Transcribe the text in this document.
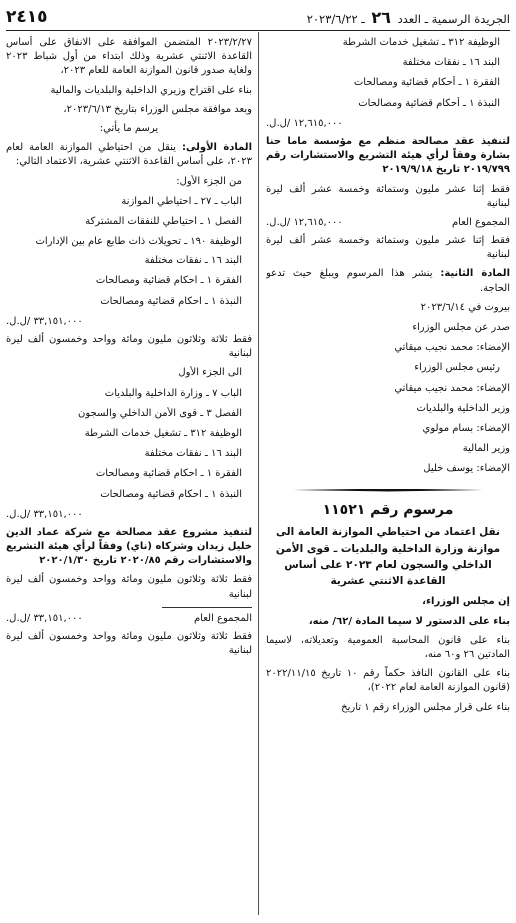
الجريدة الرسمية ـ العدد ٢٦ ـ ٢٠٢٣/٦/٢٢
٢٤١٥
الوظيفة ٣١٢ ـ تشغيل خدمات الشرطة
البند ١٦ ـ نفقات مختلفة
الفقرة ١ ـ أحكام قضائية ومصالحات
النبذة ١ ـ أحكام قضائية ومصالحات
١٢,٦١٥,٠٠٠ /ل.ل.
لتنفيذ عقد مصالحة منظم مع مؤسسة ماما حنا بشارة وفقاً لرأي هيئة التشريع والاستشارات رقم ٢٠١٩/٧٩٩ تاريخ ٢٠١٩/٩/١٨
فقط إثنا عشر مليون وستمائة وخمسة عشر ألف ليرة لبنانية
المجموع العام
١٢,٦١٥,٠٠٠ /ل.ل.
فقط إثنا عشر مليون وستمائة وخمسة عشر ألف ليرة لبنانية
المادة الثانية: ينشر هذا المرسوم ويبلغ حيث تدعو الحاجة.
بيروت في ٢٠٢٣/٦/١٤
صدر عن مجلس الوزراء
الإمضاء: محمد نجيب ميقاتي
رئيس مجلس الوزراء
الإمضاء: محمد نجيب ميقاتي
وزير الداخلية والبلديات
الإمضاء: بسام مولوي
وزير المالية
الإمضاء: يوسف خليل
مرسوم رقم ١١٥٢١
نقل اعتماد من احتياطي الموازنة العامة الى موازنة وزارة الداخلية والبلديات ـ قوى الأمن الداخلي والسجون لعام ٢٠٢٣ على أساس القاعدة الاثنتي عشرية
إن مجلس الوزراء،
بناء على الدستور لا سيما المادة /٦٢/ منه،
بناء على قانون المحاسبة العمومية وتعديلاته، لاسيما المادتين ٢٦ و٦٠ منه،
بناء على القانون النافذ حكماً رقم ١٠ تاريخ ٢٠٢٢/١١/١٥ (قانون الموازنة العامة لعام ٢٠٢٢)،
بناء على قرار مجلس الوزراء رقم ١ تاريخ
٢٠٢٣/٢/٢٧ المتضمن الموافقة على الانفاق على أساس القاعدة الاثنتي عشرية وذلك ابتداء من أول شباط ٢٠٢٣ ولغاية صدور قانون الموازنة العامة للعام ٢٠٢٣،
بناء على اقتراح وزيري الداخلية والبلديات والمالية
وبعد موافقة مجلس الوزراء بتاريخ ٢٠٢٣/٦/١٣،
يرسم ما يأتي:
المادة الأولى: ينقل من احتياطي الموازنة العامة لعام ٢٠٢٣، على أساس القاعدة الاثنتي عشرية، الاعتماد التالي:
من الجزء الأول:
الباب ـ ٢٧ ـ احتياطي الموازنة
الفصل ١ ـ احتياطي للنفقات المشتركة
الوظيفة ١٩٠ ـ تحويلات ذات طابع عام بين الإدارات
البند ١٦ ـ نفقات مختلفة
الفقرة ١ ـ احكام قضائية ومصالحات
النبذة ١ ـ احكام قضائية ومصالحات
٣٣,١٥١,٠٠٠ /ل.ل.
فقط ثلاثة وثلاثون مليون ومائة وواحد وخمسون ألف ليرة لبنانية
الى الجزء الأول
الباب ٧ ـ وزارة الداخلية والبلديات
الفصل ٣ ـ قوى الأمن الداخلي والسجون
الوظيفة ٣١٢ ـ تشغيل خدمات الشرطة
البند ١٦ ـ نفقات مختلفة
الفقرة ١ ـ احكام قضائية ومصالحات
النبذة ١ ـ احكام قضائية ومصالحات
٣٣,١٥١,٠٠٠ /ل.ل.
لتنفيذ مشروع عقد مصالحة مع شركة عماد الدين خليل زيدان وشركاه (ناي) وفقاً لرأي هيئة التشريع والاستشارات رقم ٢٠٢٠/٨٥ تاريخ ٢٠٢٠/١/٣٠
فقط ثلاثة وثلاثون مليون ومائة وواحد وخمسون ألف ليرة لبنانية
المجموع العام
٣٣,١٥١,٠٠٠ /ل.ل.
فقط ثلاثة وثلاثون مليون ومائة وواحد وخمسون ألف ليرة لبنانية
